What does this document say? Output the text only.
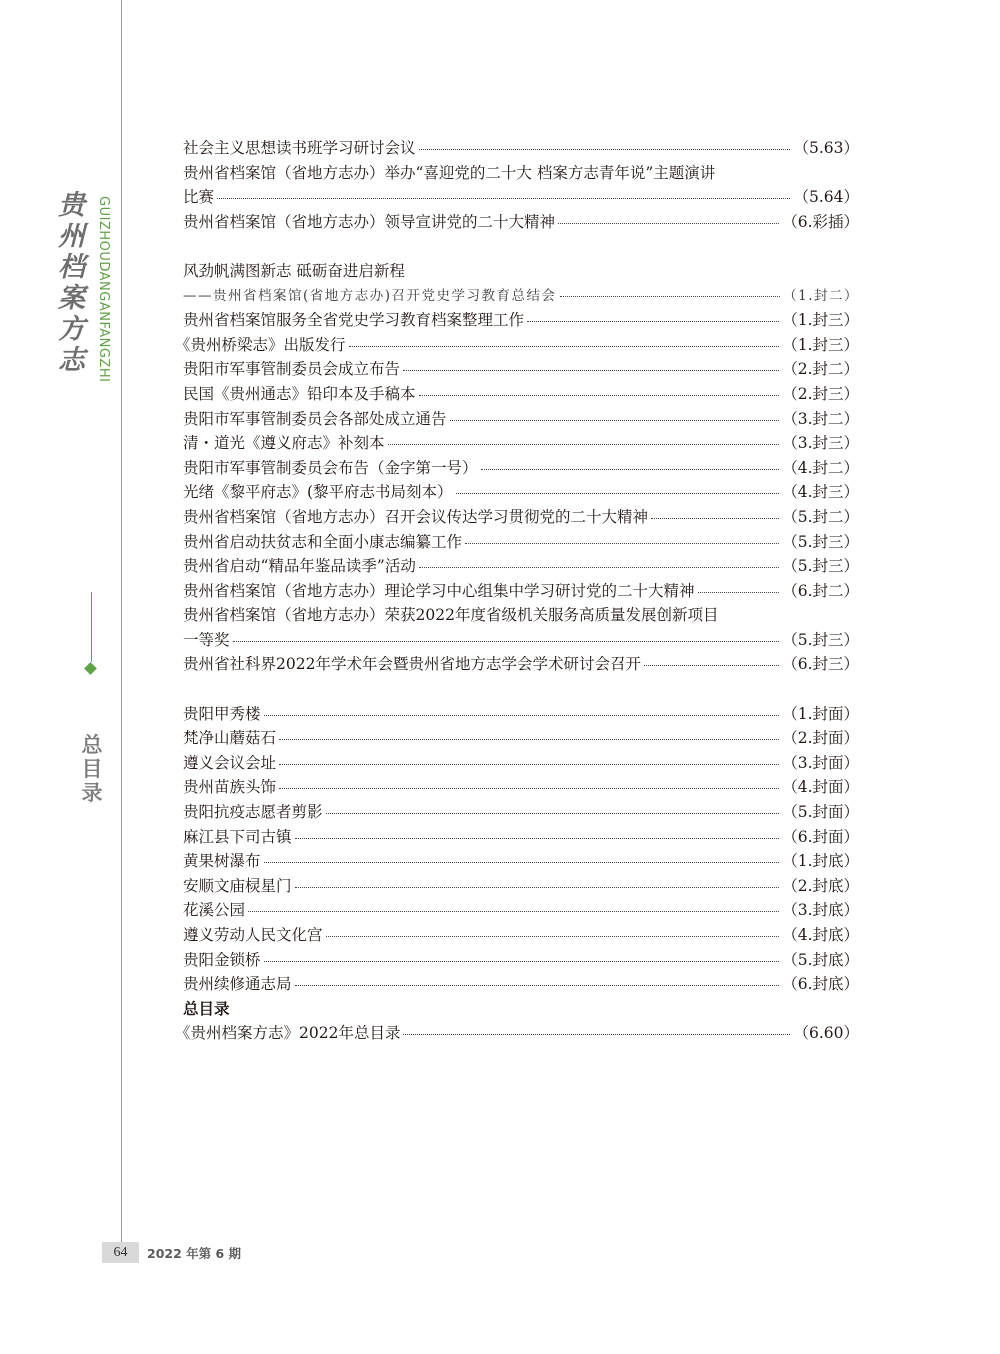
贵州档案方志 GUIZHOUDANGANFANGZHI
总
目
录
社会主义思想读书班学习研讨会议	（5.63）
贵州省档案馆（省地方志办）举办“喜迎党的二十大 档案方志青年说”主题演讲
比赛	（5.64）
贵州省档案馆（省地方志办）领导宣讲党的二十大精神	（6.彩插）
风劲帆满图新志 砥砺奋进启新程
——贵州省档案馆(省地方志办)召开党史学习教育总结会	（1.封二）
贵州省档案馆服务全省党史学习教育档案整理工作	（1.封三）
《贵州桥梁志》出版发行	（1.封三）
贵阳市军事管制委员会成立布告	（2.封二）
民国《贵州通志》铅印本及手稿本	（2.封三）
贵阳市军事管制委员会各部处成立通告	（3.封二）
清・道光《遵义府志》补刻本	（3.封三）
贵阳市军事管制委员会布告（金字第一号）	（4.封二）
光绪《黎平府志》(黎平府志书局刻本）	（4.封三）
贵州省档案馆（省地方志办）召开会议传达学习贯彻党的二十大精神	（5.封二）
贵州省启动扶贫志和全面小康志编纂工作	（5.封三）
贵州省启动“精品年鉴品读季”活动	（5.封三）
贵州省档案馆（省地方志办）理论学习中心组集中学习研讨党的二十大精神	（6.封二）
贵州省档案馆（省地方志办）荣获2022年度省级机关服务高质量发展创新项目
一等奖	（5.封三）
贵州省社科界2022年学术年会暨贵州省地方志学会学术研讨会召开	（6.封三）
贵阳甲秀楼	（1.封面）
梵净山蘑菇石	（2.封面）
遵义会议会址	（3.封面）
贵州苗族头饰	（4.封面）
贵阳抗疫志愿者剪影	（5.封面）
麻江县下司古镇	（6.封面）
黄果树瀑布	（1.封底）
安顺文庙棂星门	（2.封底）
花溪公园	（3.封底）
遵义劳动人民文化宫	（4.封底）
贵阳金锁桥	（5.封底）
贵州续修通志局	（6.封底）
总目录
《贵州档案方志》2022年总目录	（6.60）
64	2022 年第 6 期
